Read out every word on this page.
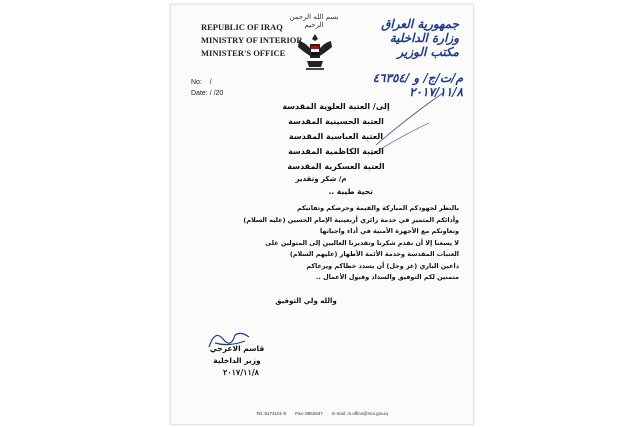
بسم الله الرحمن الرحيم
REPUBLIC OF IRAQ
MINISTRY OF INTERIOR
MINISTER'S OFFICE
جمهورية العراق
وزارة الداخلية
مكتب الوزير
م/ت/ج/ و /٤٦٣٥٤
٢٠١٧/١١/٨
No: /
Date: / /20
إلى/ العتبة العلوية المقدسة
العتبة الحسينية المقدسة
العتبة العباسية المقدسة
العتبة الكاظمية المقدسة
العتبة العسكرية المقدسة
م/ شكر وتقدير
تحية طيبة ..
بالنظر لجهودكم المباركة والقيمة وحرصكم وتفانيكم
وأدائكم المتميز في خدمة زائري أربعينية الإمام الحسين (عليه السلام)
وتعاونكم مع الأجهزة الأمنية في أداء واجباتها
لا يسعنا إلا أن نقدم شكرنا وتقديرنا العاليين إلى المتولين على
العتبات المقدسة وخدمة الأئمة الأطهار (عليهم السلام)
داعين الباري (عز وجل) أن يسدد خطاكم ويرعاكم
متمنين لكم التوفيق والسداد وقبول الأعمال ..
والله ولي التوفيق
قاسم الاعرجي
وزير الداخلية
٢٠١٧/١١/٨
Tel.:8173101-9 Fax: 8862637 E-mail: m.office@moi.gov.iq
